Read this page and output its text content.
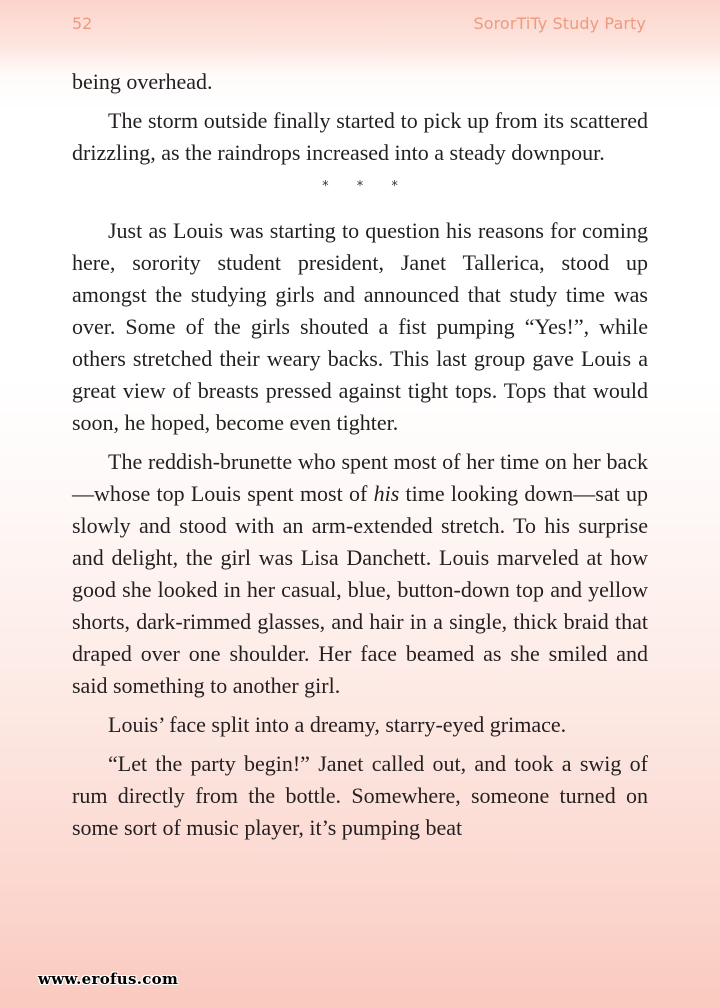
52	SororTiTy Study Party

being overhead.

The storm outside finally started to pick up from its scattered drizzling, as the raindrops increased into a steady downpour.

* * *

Just as Louis was starting to question his reasons for coming here, sorority student president, Janet Tallerica, stood up amongst the studying girls and announced that study time was over. Some of the girls shouted a fist pumping “Yes!”, while others stretched their weary backs. This last group gave Louis a great view of breasts pressed against tight tops. Tops that would soon, he hoped, become even tighter.

The reddish-brunette who spent most of her time on her back—whose top Louis spent most of his time looking down—sat up slowly and stood with an arm-extended stretch. To his surprise and delight, the girl was Lisa Danchett. Louis marveled at how good she looked in her casual, blue, button-down top and yellow shorts, dark-rimmed glasses, and hair in a single, thick braid that draped over one shoulder. Her face beamed as she smiled and said something to another girl.

Louis’ face split into a dreamy, starry-eyed grimace.

“Let the party begin!” Janet called out, and took a swig of rum directly from the bottle. Somewhere, someone turned on some sort of music player, it’s pumping beat

www.erofus.com
